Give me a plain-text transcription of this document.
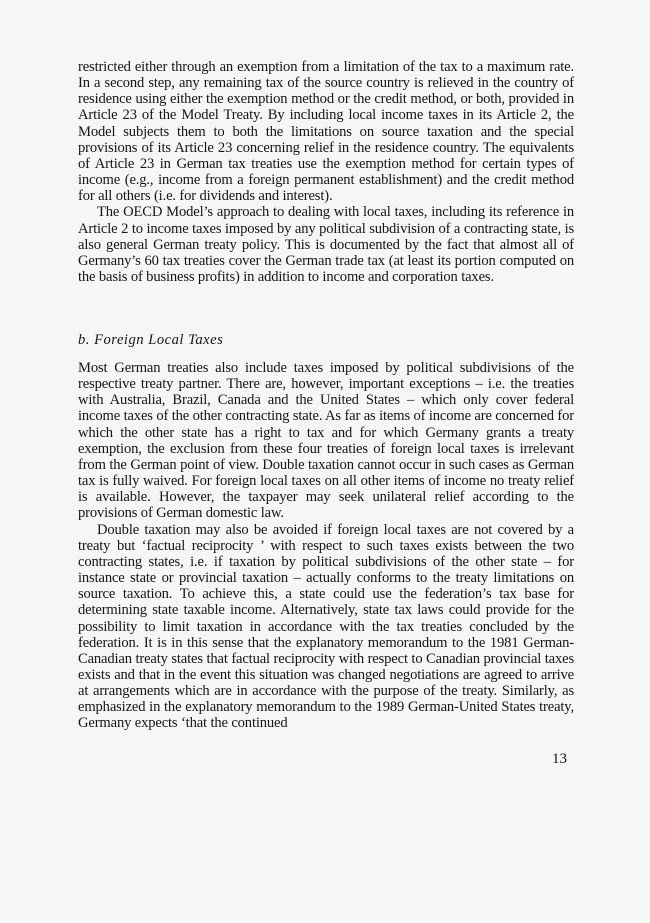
restricted either through an exemption from a limitation of the tax to a maximum rate. In a second step, any remaining tax of the source country is relieved in the country of residence using either the exemption method or the credit method, or both, provided in Article 23 of the Model Treaty. By including local income taxes in its Article 2, the Model subjects them to both the limitations on source taxation and the special provisions of its Article 23 concerning relief in the residence country. The equivalents of Article 23 in German tax treaties use the exemption method for certain types of income (e.g., income from a foreign permanent establishment) and the credit method for all others (i.e. for dividends and interest).

The OECD Model’s approach to dealing with local taxes, including its reference in Article 2 to income taxes imposed by any political subdivision of a contracting state, is also general German treaty policy. This is documented by the fact that almost all of Germany’s 60 tax treaties cover the German trade tax (at least its portion computed on the basis of business profits) in addition to income and corporation taxes.

b. Foreign Local Taxes

Most German treaties also include taxes imposed by political subdivisions of the respective treaty partner. There are, however, important exceptions – i.e. the treaties with Australia, Brazil, Canada and the United States – which only cover federal income taxes of the other contracting state. As far as items of income are concerned for which the other state has a right to tax and for which Germany grants a treaty exemption, the exclusion from these four treaties of foreign local taxes is irrelevant from the German point of view. Double taxation cannot occur in such cases as German tax is fully waived. For foreign local taxes on all other items of income no treaty relief is available. However, the taxpayer may seek unilateral relief according to the provisions of German domestic law.

Double taxation may also be avoided if foreign local taxes are not covered by a treaty but ‘factual reciprocity ’ with respect to such taxes exists between the two contracting states, i.e. if taxation by political subdivisions of the other state – for instance state or provincial taxation – actually conforms to the treaty limitations on source taxation. To achieve this, a state could use the federation’s tax base for determining state taxable income. Alternatively, state tax laws could provide for the possibility to limit taxation in accordance with the tax treaties concluded by the federation. It is in this sense that the explanatory memorandum to the 1981 German-Canadian treaty states that factual reciprocity with respect to Canadian provincial taxes exists and that in the event this situation was changed negotiations are agreed to arrive at arrangements which are in accordance with the purpose of the treaty. Similarly, as emphasized in the explanatory memorandum to the 1989 German-United States treaty, Germany expects ‘that the continued

13
